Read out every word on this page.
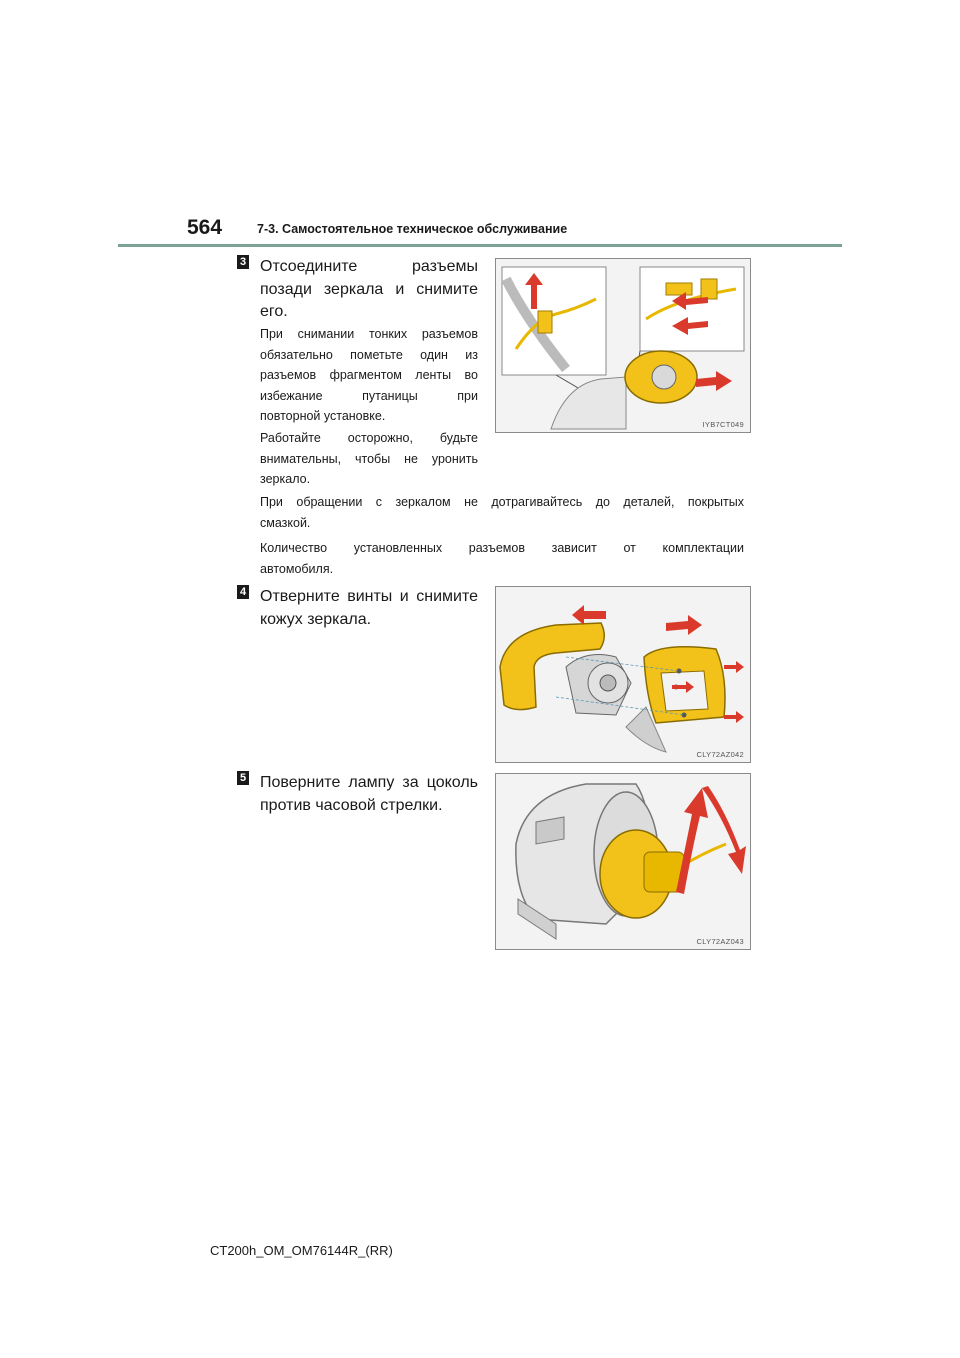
564	7-3. Самостоятельное техническое обслуживание
3 Отсоедините разъемы
позади зеркала и снимите
его.
При снимании тонких разъемов
обязательно пометьте один из
разъемов фрагментом ленты во
избежание путаницы при
повторной установке.
Работайте осторожно, будьте
внимательны, чтобы не уронить
зеркало.
При обращении с зеркалом не дотрагивайтесь до деталей, покрытых
смазкой.
Количество установленных разъемов зависит от комплектации
автомобиля.
IYB7CT049
4 Отверните винты и снимите
кожух зеркала.
CLY72AZ042
5 Поверните лампу за цоколь
против часовой стрелки.
CLY72AZ043
CT200h_OM_OM76144R_(RR)
